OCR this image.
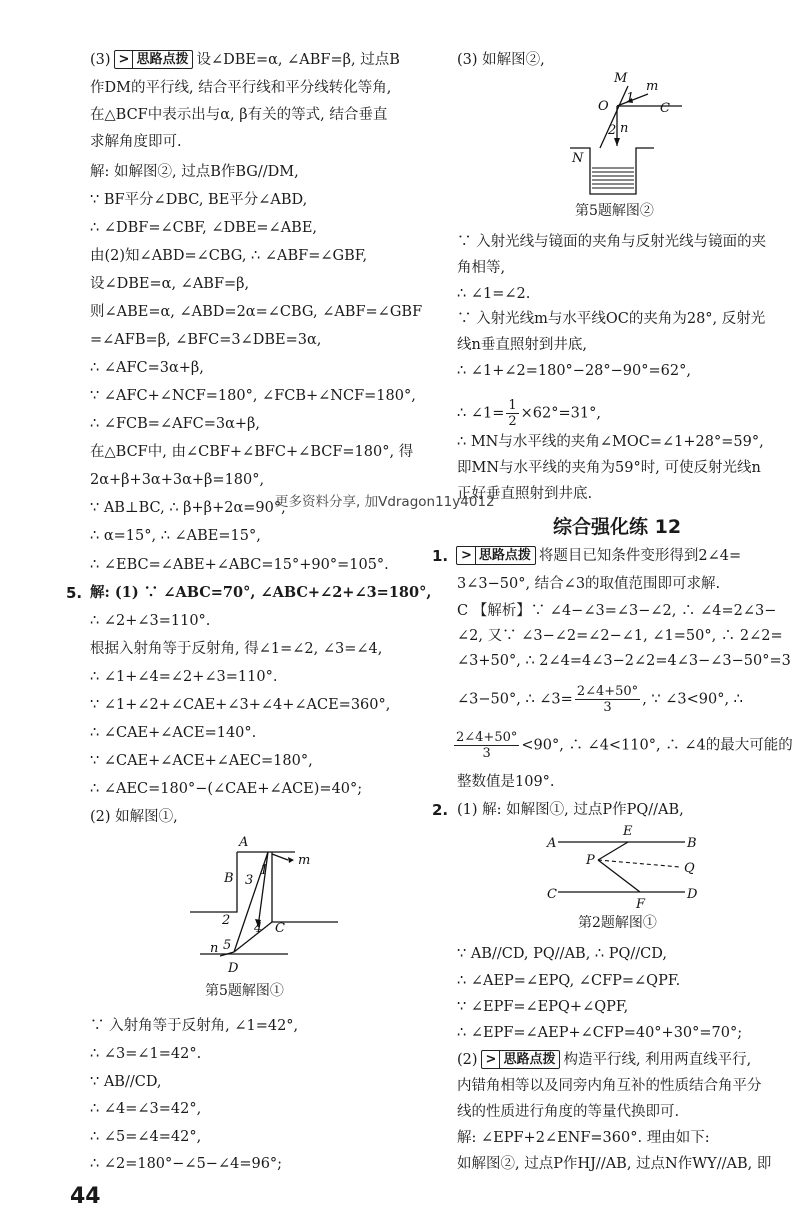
(3) > 思路点拨 设∠DBE=α, ∠ABF=β, 过点B
作DM的平行线, 结合平行线和平分线转化等角,
在△BCF中表示出与α, β有关的等式, 结合垂直
求解角度即可.
解: 如解图②, 过点B作BG//DM,
∵ BF平分∠DBC, BE平分∠ABD,
∴ ∠DBF=∠CBF, ∠DBE=∠ABE,
由(2)知∠ABD=∠CBG, ∴ ∠ABF=∠GBF,
设∠DBE=α, ∠ABF=β,
则∠ABE=α, ∠ABD=2α=∠CBG, ∠ABF=∠GBF
=∠AFB=β, ∠BFC=3∠DBE=3α,
∴ ∠AFC=3α+β,
∵ ∠AFC+∠NCF=180°, ∠FCB+∠NCF=180°,
∴ ∠FCB=∠AFC=3α+β,
在△BCF中, 由∠CBF+∠BFC+∠BCF=180°, 得
2α+β+3α+3α+β=180°,
∵ AB⊥BC, ∴ β+β+2α=90°,
∴ α=15°, ∴ ∠ABE=15°,
∴ ∠EBC=∠ABE+∠ABC=15°+90°=105°.
5. 解: (1) ∵ ∠ABC=70°, ∠ABC+∠2+∠3=180°,
∴ ∠2+∠3=110°.
根据入射角等于反射角, 得∠1=∠2, ∠3=∠4,
∴ ∠1+∠4=∠2+∠3=110°.
∵ ∠1+∠2+∠CAE+∠3+∠4+∠ACE=360°,
∴ ∠CAE+∠ACE=140°.
∵ ∠CAE+∠ACE+∠AEC=180°,
∴ ∠AEC=180°−(∠CAE+∠ACE)=40°;
(2) 如解图①,
A
B
C
D
m
n
1
2
3
4
5
第5题解图①
∵ 入射角等于反射角, ∠1=42°,
∴ ∠3=∠1=42°.
∵ AB//CD,
∴ ∠4=∠3=42°,
∴ ∠5=∠4=42°,
∴ ∠2=180°−∠5−∠4=96°;
44
更多资料分享, 加Vdragon11y4012
(3) 如解图②,
M
O	C
N
m
n
1
2
第5题解图②
∵ 入射光线与镜面的夹角与反射光线与镜面的夹
角相等,
∴ ∠1=∠2.
∵ 入射光线m与水平线OC的夹角为28°, 反射光
线n垂直照射到井底,
∴ ∠1+∠2=180°−28°−90°=62°,
∴ ∠1= $\frac{1}{2} \times 62^\circ=31^\circ$,
∴ MN与水平线的夹角∠MOC=∠1+28°=59°,
即MN与水平线的夹角为59°时, 可使反射光线n
正好垂直照射到井底.
综合强化练 12
1. > 思路点拨 将题目已知条件变形得到2∠4=
3∠3−50°, 结合∠3的取值范围即可求解.
C 【解析】∵ ∠4−∠3=∠3−∠2, ∴ ∠4=2∠3−
∠2, 又∵ ∠3−∠2=∠2−∠1, ∠1=50°, ∴ 2∠2=
∠3+50°, ∴ 2∠4=4∠3−2∠2=4∠3−∠3−50°=3
∠3−50°, ∴ ∠3= $\frac{2\angle 4+50^\circ}{3}$ , ∵ ∠3<90°, ∴
$\frac{2\angle 4+50^\circ}{3} <90^\circ$, ∴ ∠4<110°, ∴ ∠4的最大可能的
整数值是109°.
2. (1) 解: 如解图①, 过点P作PQ//AB,
A	B
C	D
E
F
P
Q
第2题解图①
∵ AB//CD, PQ//AB, ∴ PQ//CD,
∴ ∠AEP=∠EPQ, ∠CFP=∠QPF.
∵ ∠EPF=∠EPQ+∠QPF,
∴ ∠EPF=∠AEP+∠CFP=40°+30°=70°;
(2) > 思路点拨 构造平行线, 利用两直线平行,
内错角相等以及同旁内角互补的性质结合角平分
线的性质进行角度的等量代换即可.
解: ∠EPF+2∠ENF=360°. 理由如下:
如解图②, 过点P作HJ//AB, 过点N作WY//AB, 即
